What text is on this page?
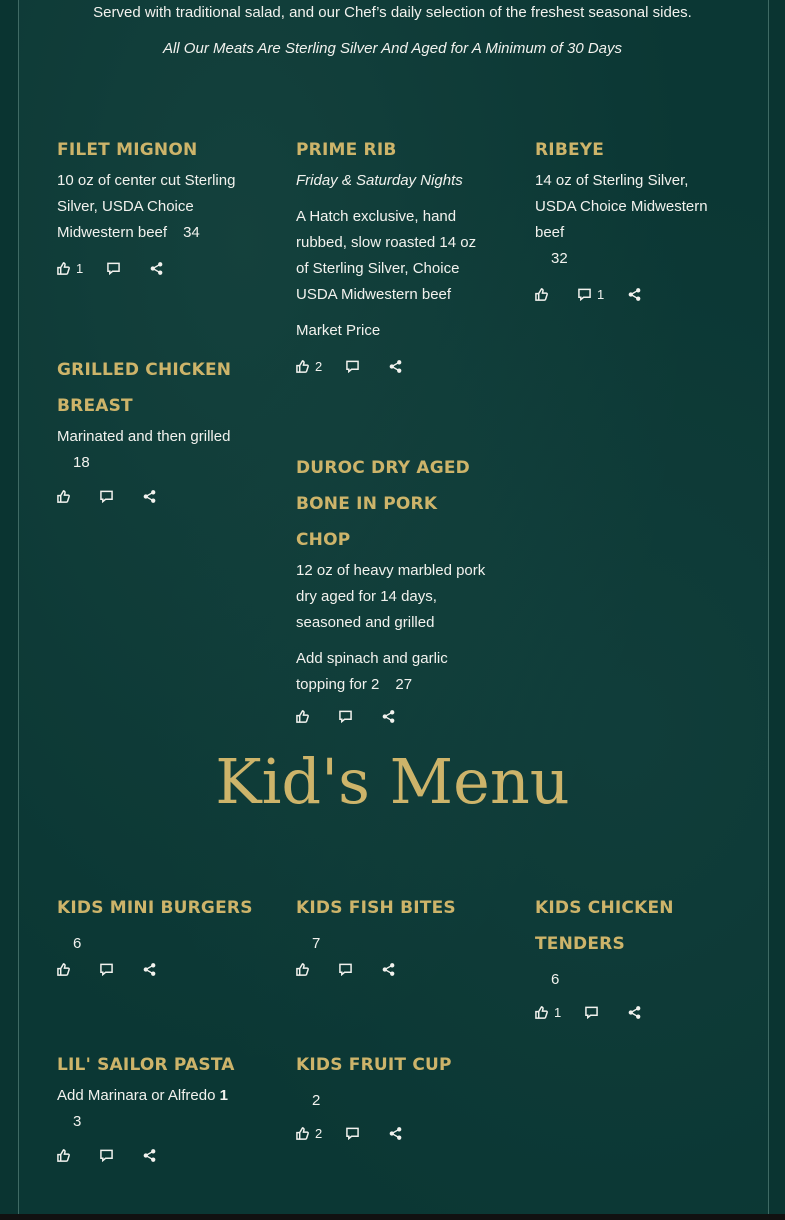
Served with traditional salad, and our Chef’s daily selection of the freshest seasonal sides.
All Our Meats Are Sterling Silver And Aged for A Minimum of 30 Days
FILET MIGNON
10 oz of center cut Sterling Silver, USDA Choice Midwestern beef 34
1
PRIME RIB
Friday & Saturday Nights
A Hatch exclusive, hand rubbed, slow roasted 14 oz of Sterling Silver, Choice USDA Midwestern beef
Market Price
2
RIBEYE
14 oz of Sterling Silver, USDA Choice Midwestern beef
32
1
GRILLED CHICKEN BREAST
Marinated and then grilled
18	DUROC DRY AGED BONE IN PORK CHOP
12 oz of heavy marbled pork dry aged for 14 days, seasoned and grilled
Add spinach and garlic topping for 2 27
Kid's Menu
KIDS MINI BURGERS
6
KIDS FISH BITES
7
KIDS CHICKEN TENDERS
6
1
LIL' SAILOR PASTA
Add Marinara or Alfredo 1
3
KIDS FRUIT CUP
2
2
